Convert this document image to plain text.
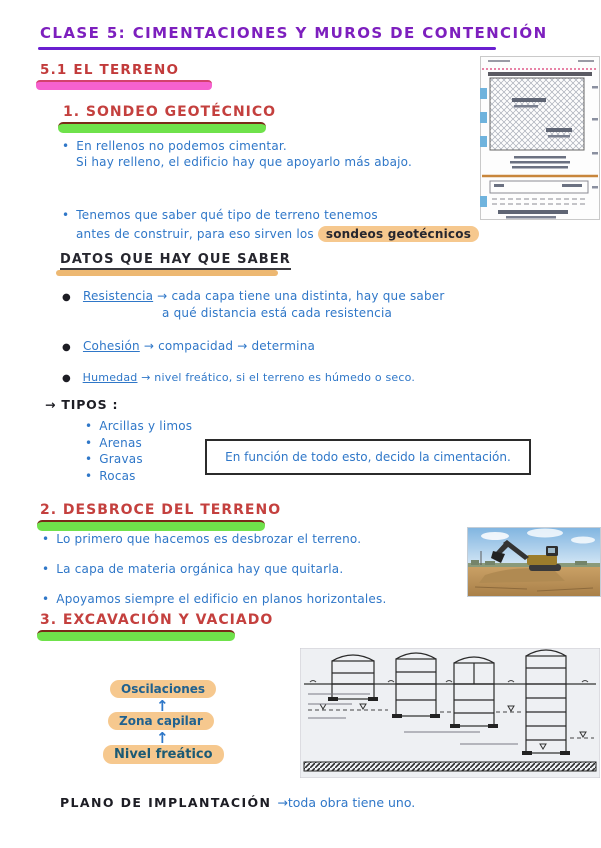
CLASE 5: CIMENTACIONES Y MUROS DE CONTENCIÓN
5.1 EL TERRENO
1. SONDEO GEOTÉCNICO
• En rellenos no podemos cimentar.
Si hay relleno, el edificio hay que apoyarlo más abajo.
• Tenemos que saber qué tipo de terreno tenemos
antes de construir, para eso sirven los sondeos geotécnicos
DATOS QUE HAY QUE SABER
● Resistencia → cada capa tiene una distinta, hay que saber
a qué distancia está cada resistencia
● Cohesión → compacidad → determina
● Humedad → nivel freático, si el terreno es húmedo o seco.
→ TIPOS :
• Arcillas y limos
• Arenas
• Gravas
• Rocas
En función de todo esto, decido la cimentación.
2. DESBROCE DEL TERRENO
• Lo primero que hacemos es desbrozar el terreno.
• La capa de materia orgánica hay que quitarla.
• Apoyamos siempre el edificio en planos horizontales.
3. EXCAVACIÓN Y VACIADO
Oscilaciones
↑
Zona capilar
↑
Nivel freático
PLANO DE IMPLANTACIÓN →toda obra tiene uno.
